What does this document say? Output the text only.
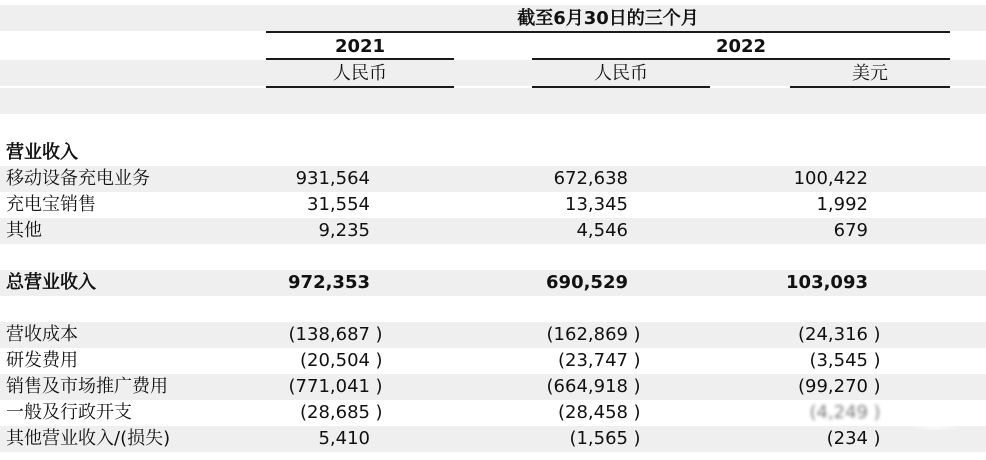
截至6月30日的三个月
2021	2022
人民币	人民币	美元
营业收入
移动设备充电业务	931,564	672,638	100,422
充电宝销售	31,554	13,345	1,992
其他	9,235	4,546	679
总营业收入	972,353	690,529	103,093
营收成本	(138,687 )	(162,869 )	(24,316 )
研发费用	(20,504 )	(23,747 )	(3,545 )
销售及市场推广费用	(771,041 )	(664,918 )	(99,270 )
一般及行政开支	(28,685 )	(28,458 )	(4,249 )
其他营业收入/(损失)	5,410	(1,565 )	(234 )
